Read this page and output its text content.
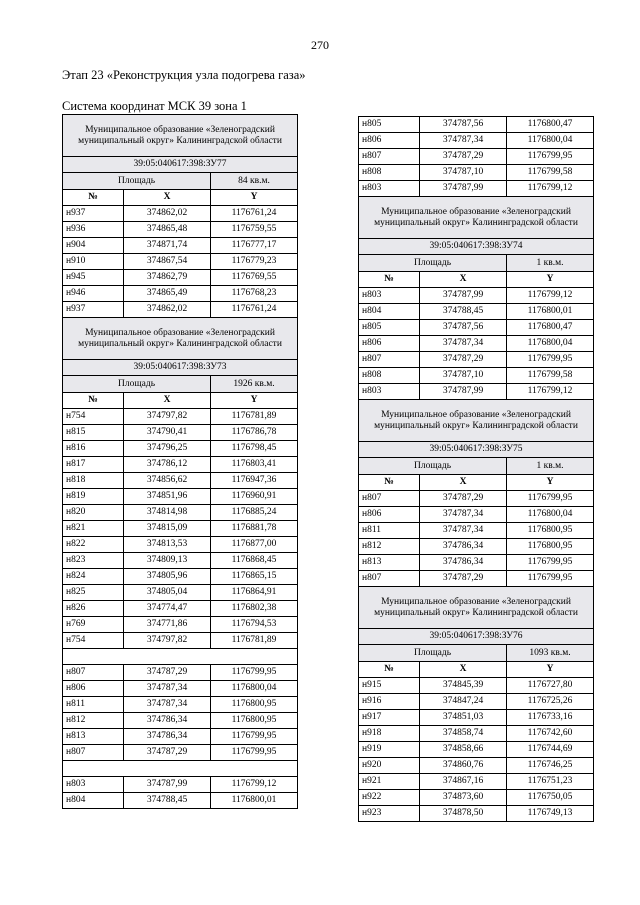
270
Этап 23 «Реконструкция узла подогрева газа»
Система координат МСК 39 зона 1
Муниципальное образование «Зеленоградский муниципальный округ» Калининградской области		
39:05:040617:398:ЗУ77		
Площадь		84 кв.м.
№	X	Y
н937	374862,02	1176761,24
н936	374865,48	1176759,55
н904	374871,74	1176777,17
н910	374867,54	1176779,23
н945	374862,79	1176769,55
н946	374865,49	1176768,23
н937	374862,02	1176761,24
Муниципальное образование «Зеленоградский муниципальный округ» Калининградской области		
39:05:040617:398:ЗУ73		
Площадь		1926 кв.м.
№	X	Y
н754	374797,82	1176781,89
н815	374790,41	1176786,78
н816	374796,25	1176798,45
н817	374786,12	1176803,41
н818	374856,62	1176947,36
н819	374851,96	1176960,91
н820	374814,98	1176885,24
н821	374815,09	1176881,78
н822	374813,53	1176877,00
н823	374809,13	1176868,45
н824	374805,96	1176865,15
н825	374805,04	1176864,91
н826	374774,47	1176802,38
н769	374771,86	1176794,53
н754	374797,82	1176781,89

н807	374787,29	1176799,95
н806	374787,34	1176800,04
н811	374787,34	1176800,95
н812	374786,34	1176800,95
н813	374786,34	1176799,95
н807	374787,29	1176799,95

н803	374787,99	1176799,12
н804	374788,45	1176800,01
н805	374787,56	1176800,47
н806	374787,34	1176800,04
н807	374787,29	1176799,95
н808	374787,10	1176799,58
н803	374787,99	1176799,12
Муниципальное образование «Зеленоградский муниципальный округ» Калининградской области		
39:05:040617:398:ЗУ74		
Площадь		1 кв.м.
№	X	Y
н803	374787,99	1176799,12
н804	374788,45	1176800,01
н805	374787,56	1176800,47
н806	374787,34	1176800,04
н807	374787,29	1176799,95
н808	374787,10	1176799,58
н803	374787,99	1176799,12
Муниципальное образование «Зеленоградский муниципальный округ» Калининградской области		
39:05:040617:398:ЗУ75		
Площадь		1 кв.м.
№	X	Y
н807	374787,29	1176799,95
н806	374787,34	1176800,04
н811	374787,34	1176800,95
н812	374786,34	1176800,95
н813	374786,34	1176799,95
н807	374787,29	1176799,95
Муниципальное образование «Зеленоградский муниципальный округ» Калининградской области		
39:05:040617:398:ЗУ76		
Площадь		1093 кв.м.
№	X	Y
н915	374845,39	1176727,80
н916	374847,24	1176725,26
н917	374851,03	1176733,16
н918	374858,74	1176742,60
н919	374858,66	1176744,69
н920	374860,76	1176746,25
н921	374867,16	1176751,23
н922	374873,60	1176750,05
н923	374878,50	1176749,13
